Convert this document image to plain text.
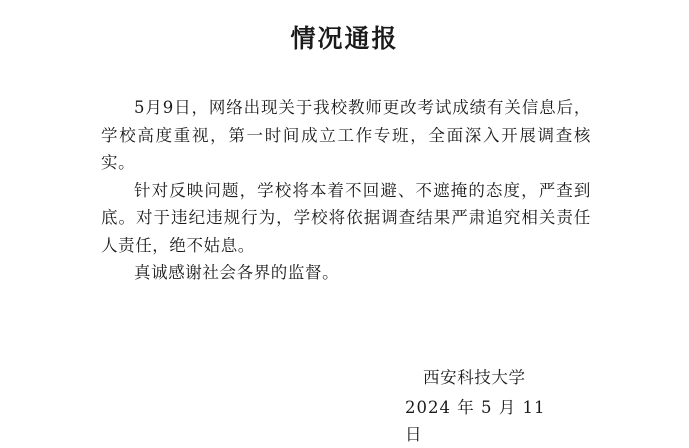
情况通报

5月9日，网络出现关于我校教师更改考试成绩有关信息后，学校高度重视，第一时间成立工作专班，全面深入开展调查核实。

针对反映问题，学校将本着不回避、不遮掩的态度，严查到底。对于违纪违规行为，学校将依据调查结果严肃追究相关责任人责任，绝不姑息。

真诚感谢社会各界的监督。

西安科技大学
2024 年 5 月 11 日
